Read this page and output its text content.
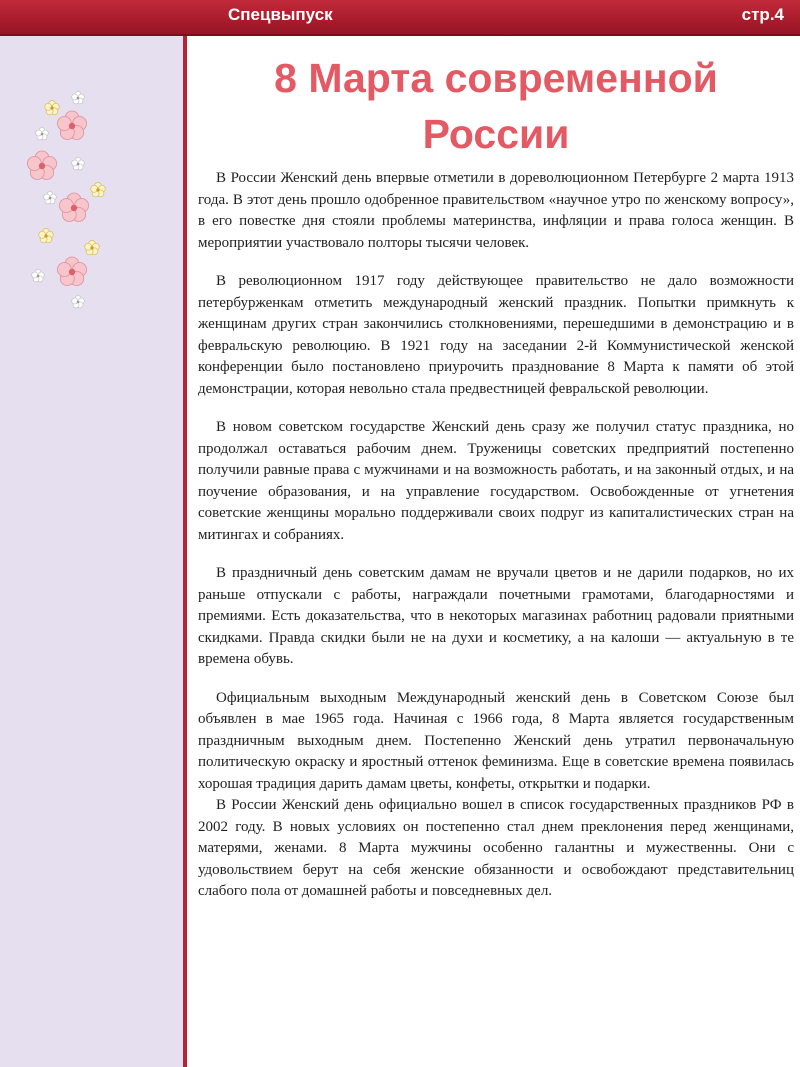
Спецвыпуск	стр.4
8 Марта современной России

В России Женский день впервые отметили в дореволюционном Петербурге 2 марта 1913 года. В этот день прошло одобренное правительством «научное утро по женскому вопросу», в его повестке дня стояли проблемы материнства, инфляции и права голоса женщин. В мероприятии участвовало полторы тысячи человек.

В революционном 1917 году действующее правительство не дало возможности петербурженкам отметить международный женский праздник. Попытки примкнуть к женщинам других стран закончились столкновениями, перешедшими в демонстрацию и в февральскую революцию. В 1921 году на заседании 2-й Коммунистической женской конференции было постановлено приурочить празднование 8 Марта к памяти об этой демонстрации, которая невольно стала предвестницей февральской революции.

В новом советском государстве Женский день сразу же получил статус праздника, но продолжал оставаться рабочим днем. Труженицы советских предприятий постепенно получили равные права с мужчинами и на возможность работать, и на законный отдых, и на поучение образования, и на управление государством. Освобожденные от угнетения советские женщины морально поддерживали своих подруг из капиталистических стран на митингах и собраниях.

В праздничный день советским дамам не вручали цветов и не дарили подарков, но их раньше отпускали с работы, награждали почетными грамотами, благодарностями и премиями. Есть доказательства, что в некоторых магазинах работниц радовали приятными скидками. Правда скидки были не на духи и косметику, а на калоши — актуальную в те времена обувь.

Официальным выходным Международный женский день в Советском Союзе был объявлен в мае 1965 года. Начиная с 1966 года, 8 Марта является государственным праздничным выходным днем. Постепенно Женский день утратил первоначальную политическую окраску и яростный оттенок феминизма. Еще в советские времена появилась хорошая традиция дарить дамам цветы, конфеты, открытки и подарки.

В России Женский день официально вошел в список государственных праздников РФ в 2002 году. В новых условиях он постепенно стал днем преклонения перед женщинами, матерями, женами. 8 Марта мужчины особенно галантны и мужественны. Они с удовольствием берут на себя женские обязанности и освобождают представительниц слабого пола от домашней работы и повседневных дел.
